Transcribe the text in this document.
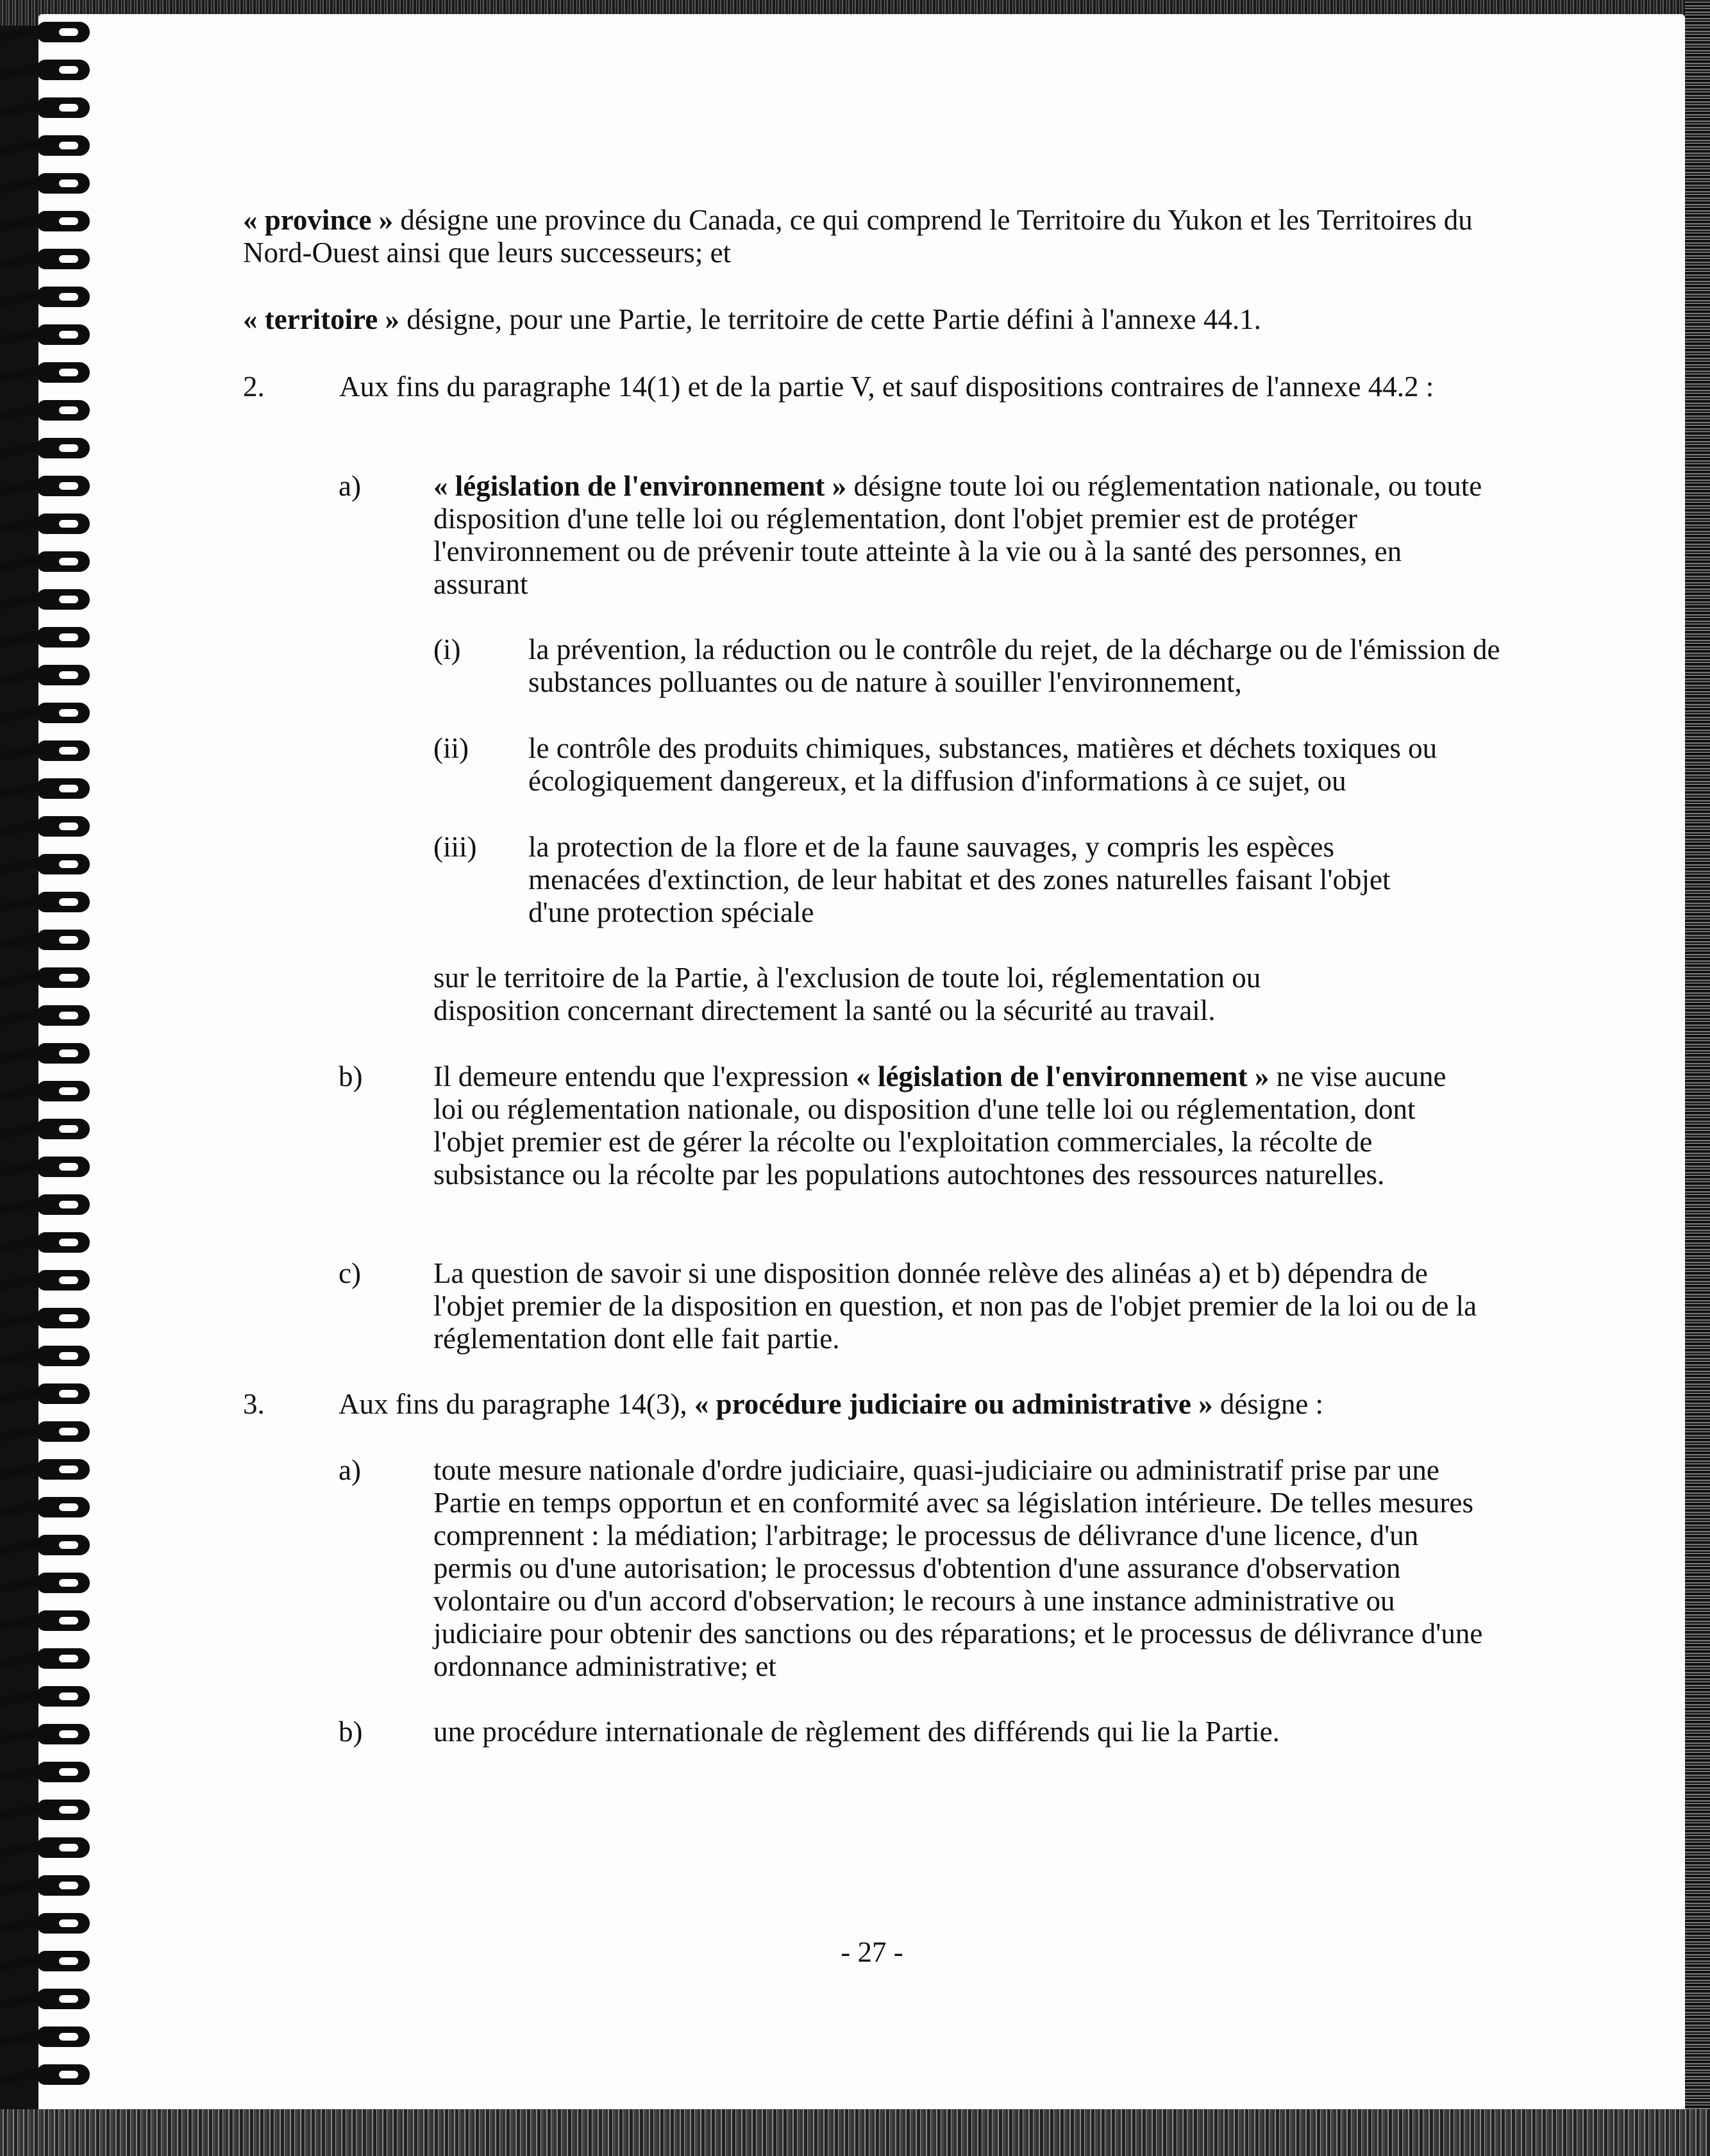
« province » désigne une province du Canada, ce qui comprend le Territoire du Yukon et les Territoires du Nord-Ouest ainsi que leurs successeurs; et

« territoire » désigne, pour une Partie, le territoire de cette Partie défini à l'annexe 44.1.

2.	Aux fins du paragraphe 14(1) et de la partie V, et sauf dispositions contraires de l'annexe 44.2 :
a)	« législation de l'environnement » désigne toute loi ou réglementation nationale, ou toute disposition d'une telle loi ou réglementation, dont l'objet premier est de protéger l'environnement ou de prévenir toute atteinte à la vie ou à la santé des personnes, en assurant

(i) la prévention, la réduction ou le contrôle du rejet, de la décharge ou de l'émission de substances polluantes ou de nature à souiller l'environnement,
(ii) le contrôle des produits chimiques, substances, matières et déchets toxiques ou écologiquement dangereux, et la diffusion d'informations à ce sujet, ou
(iii) la protection de la flore et de la faune sauvages, y compris les espèces menacées d'extinction, de leur habitat et des zones naturelles faisant l'objet d'une protection spéciale
sur le territoire de la Partie, à l'exclusion de toute loi, réglementation ou disposition concernant directement la santé ou la sécurité au travail.
b) Il demeure entendu que l'expression « législation de l'environnement » ne vise aucune loi ou réglementation nationale, ou disposition d'une telle loi ou réglementation, dont l'objet premier est de gérer la récolte ou l'exploitation commerciales, la récolte de subsistance ou la récolte par les populations autochtones des ressources naturelles.

c)	La question de savoir si une disposition donnée relève des alinéas a) et b) dépendra de l'objet premier de la disposition en question, et non pas de l'objet premier de la loi ou de la réglementation dont elle fait partie.
3.	Aux fins du paragraphe 14(3), « procédure judiciaire ou administrative » désigne :

a)	toute mesure nationale d'ordre judiciaire, quasi-judiciaire ou administratif prise par une Partie en temps opportun et en conformité avec sa législation intérieure. De telles mesures comprennent : la médiation; l'arbitrage; le processus de délivrance d'une licence, d'un permis ou d'une autorisation; le processus d'obtention d'une assurance d'observation volontaire ou d'un accord d'observation; le recours à une instance administrative ou judiciaire pour obtenir des sanctions ou des réparations; et le processus de délivrance d'une ordonnance administrative; et
b) une procédure internationale de règlement des différends qui lie la Partie.
- 27 -
